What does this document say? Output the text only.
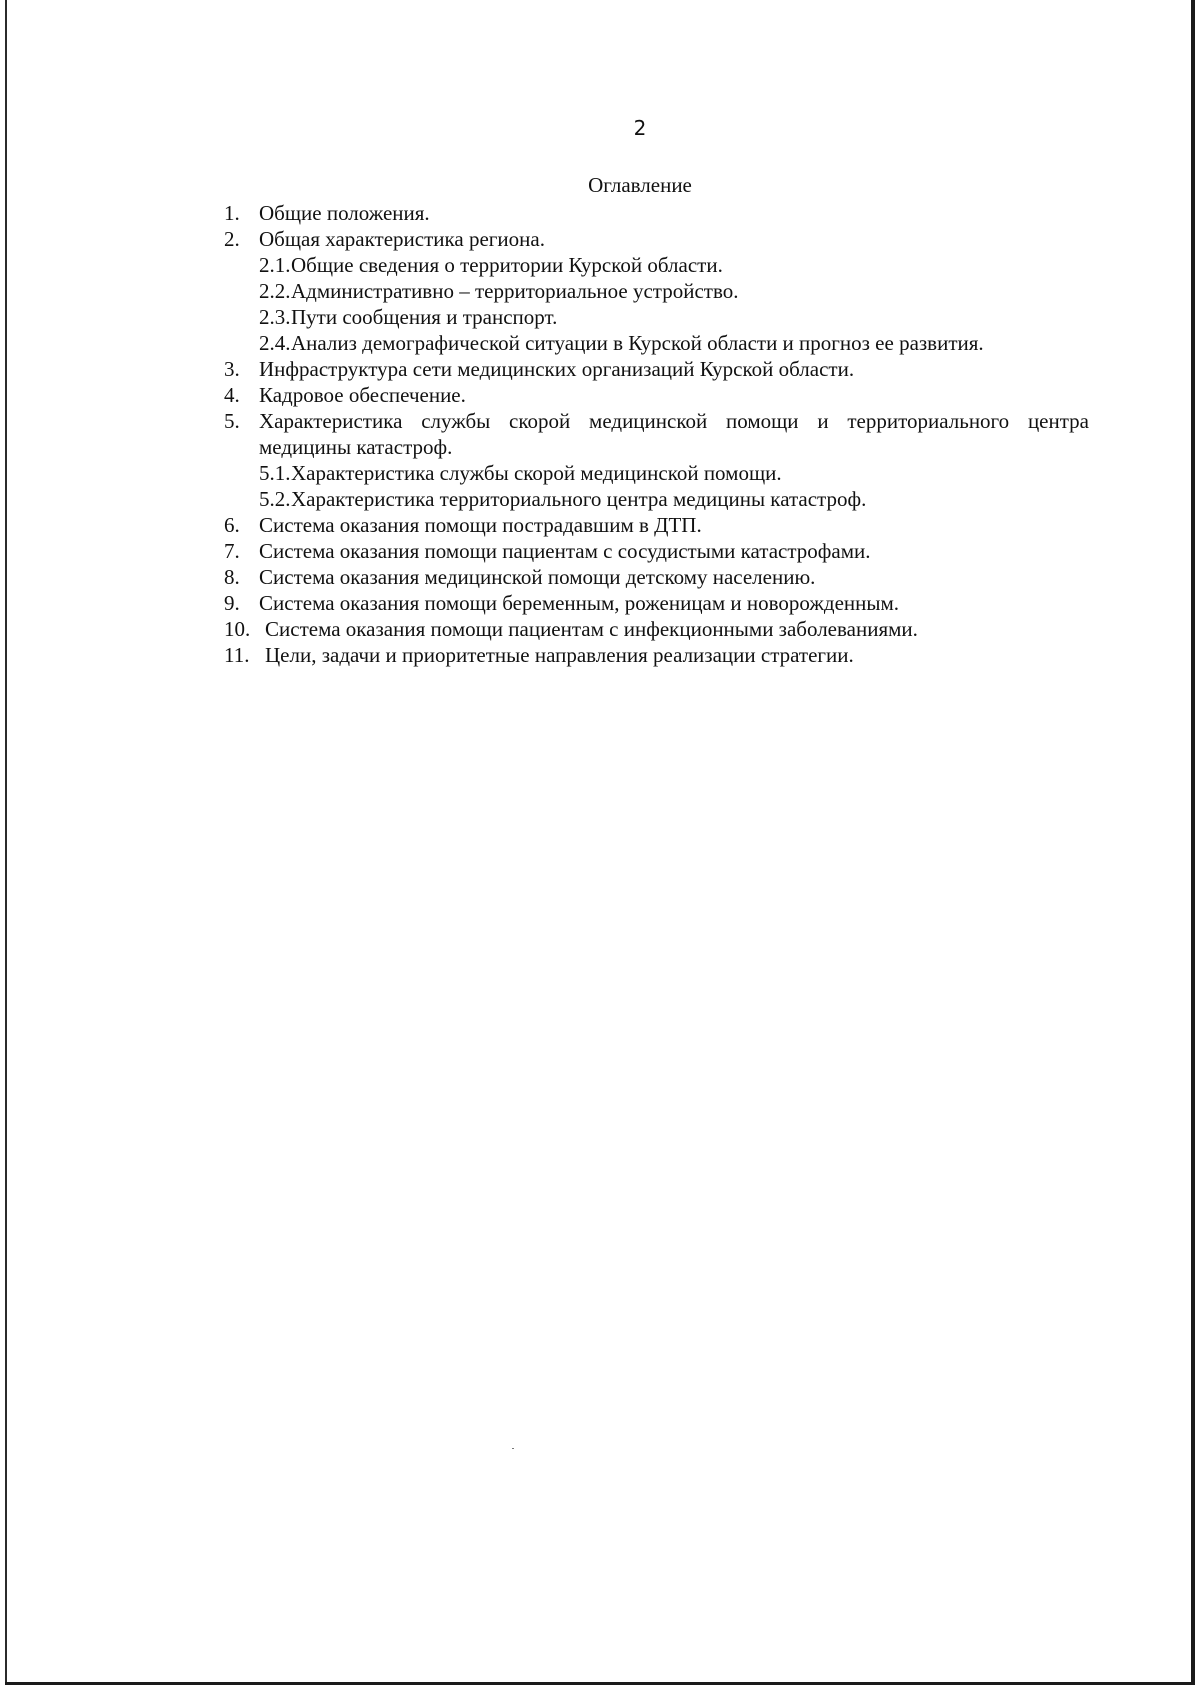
2
Оглавление
1. Общие положения.
2. Общая характеристика региона.
2.1. Общие сведения о территории Курской области.
2.2. Административно – территориальное устройство.
2.3. Пути сообщения и транспорт.
2.4. Анализ демографической ситуации в Курской области и прогноз ее развития.
3. Инфраструктура сети медицинских организаций Курской области.
4. Кадровое обеспечение.
5. Характеристика службы скорой медицинской помощи и территориального центра медицины катастроф.
5.1. Характеристика службы скорой медицинской помощи.
5.2. Характеристика территориального центра медицины катастроф.
6. Система оказания помощи пострадавшим в ДТП.
7. Система оказания помощи пациентам с сосудистыми катастрофами.
8. Система оказания медицинской помощи детскому населению.
9. Система оказания помощи беременным, роженицам и новорожденным.
10. Система оказания помощи пациентам с инфекционными заболеваниями.
11. Цели, задачи и приоритетные направления реализации стратегии.
